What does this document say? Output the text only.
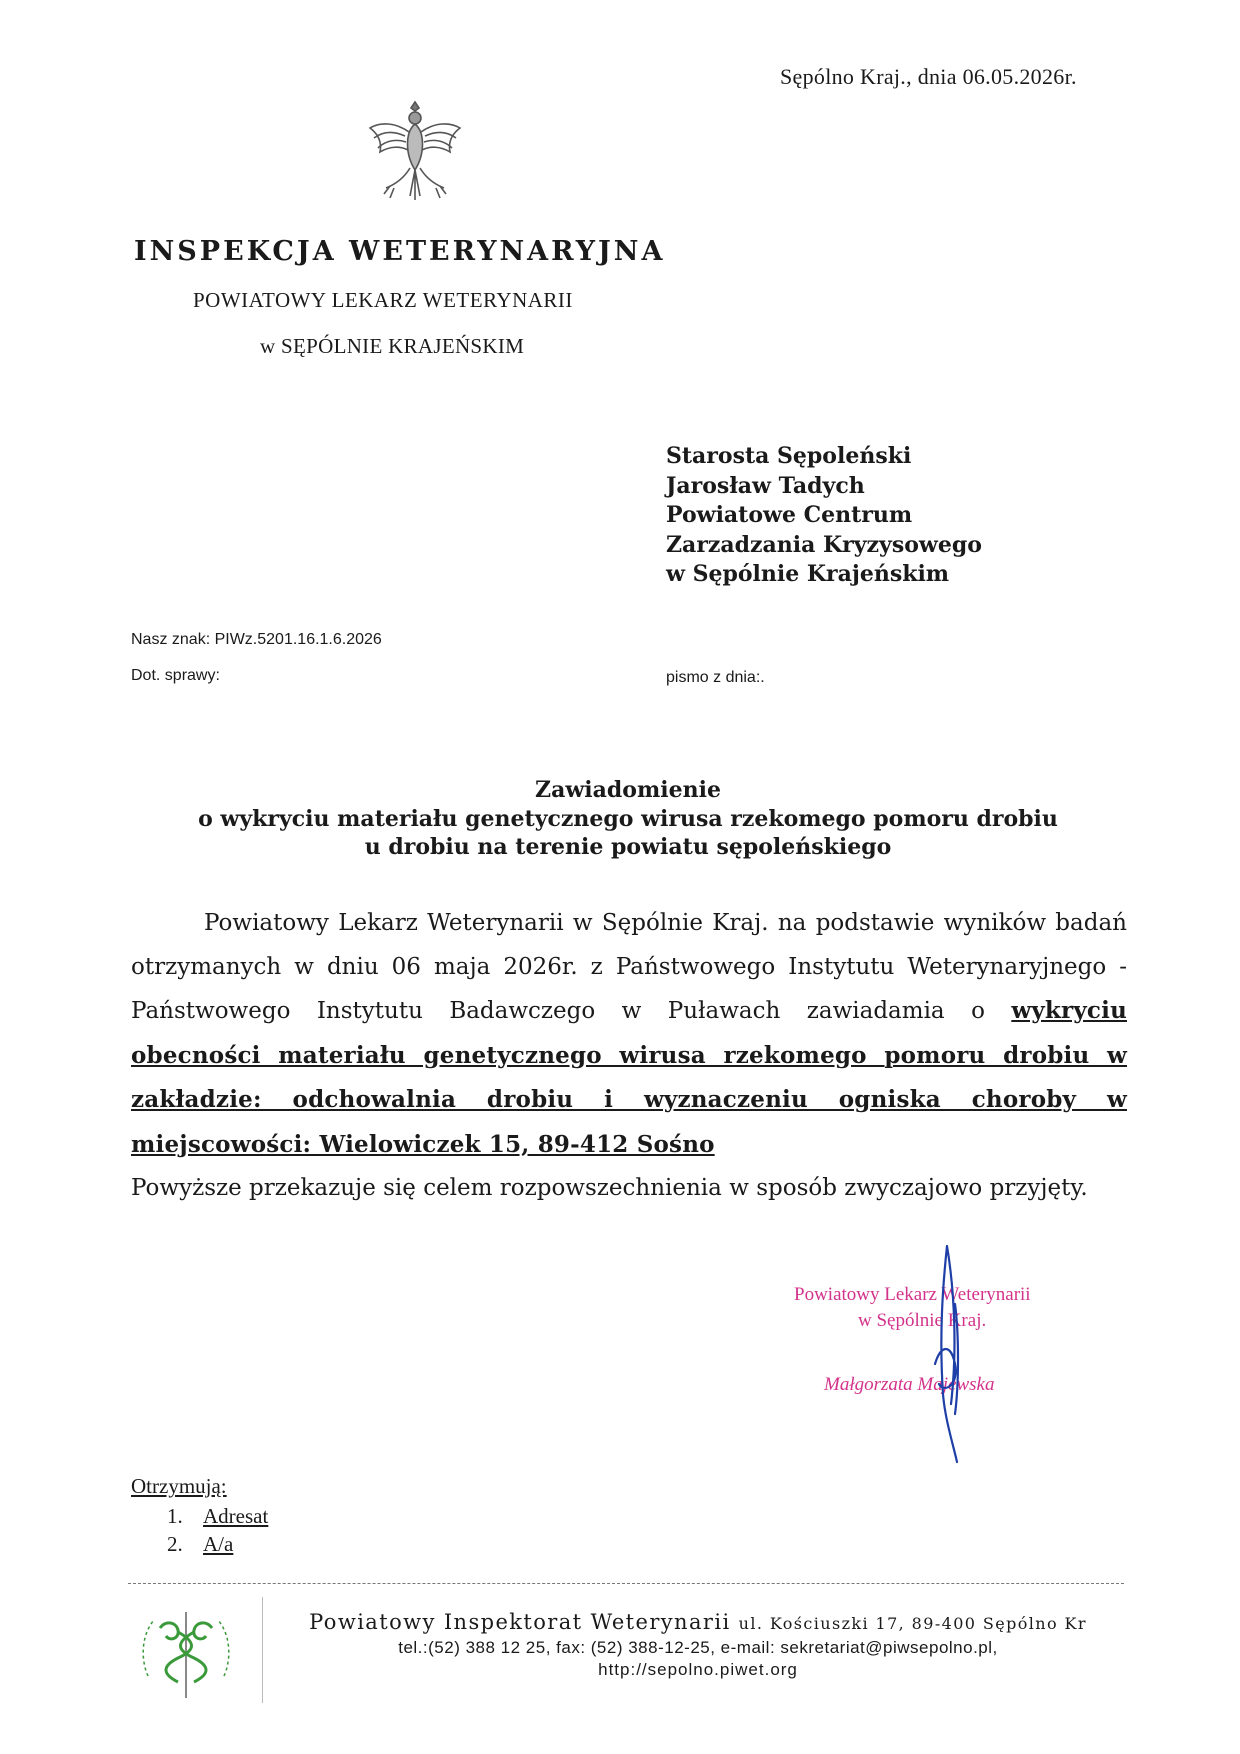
Sępólno Kraj., dnia 06.05.2026r.
INSPEKCJA WETERYNARYJNA
POWIATOWY LEKARZ WETERYNARII
w SĘPÓLNIE KRAJEŃSKIM
Starosta Sępoleński
Jarosław Tadych
Powiatowe Centrum
Zarzadzania Kryzysowego
w Sępólnie Krajeńskim
Nasz znak: PIWz.5201.16.1.6.2026
Dot. sprawy:	pismo z dnia:.
Zawiadomienie
o wykryciu materiału genetycznego wirusa rzekomego pomoru drobiu
u drobiu na terenie powiatu sępoleńskiego

Powiatowy Lekarz Weterynarii w Sępólnie Kraj. na podstawie wyników badań otrzymanych w dniu 06 maja 2026r. z Państwowego Instytutu Weterynaryjnego -Państwowego Instytutu Badawczego w Puławach zawiadamia o wykryciu obecności materiału genetycznego wirusa rzekomego pomoru drobiu w zakładzie: odchowalnia drobiu i wyznaczeniu ogniska choroby w miejscowości: Wielowiczek 15, 89-412 Sośno

Powyższe przekazuje się celem rozpowszechnienia w sposób zwyczajowo przyjęty.

Powiatowy Lekarz Weterynarii
w Sępólnie Kraj.
Małgorzata Majewska
Otrzymują:
1. Adresat
2. A/a
Powiatowy Inspektorat Weterynarii ul. Kościuszki 17, 89-400 Sępólno Kr
tel.:(52) 388 12 25, fax: (52) 388-12-25, e-mail: sekretariat@piwsepolno.pl,
http://sepolno.piwet.org
